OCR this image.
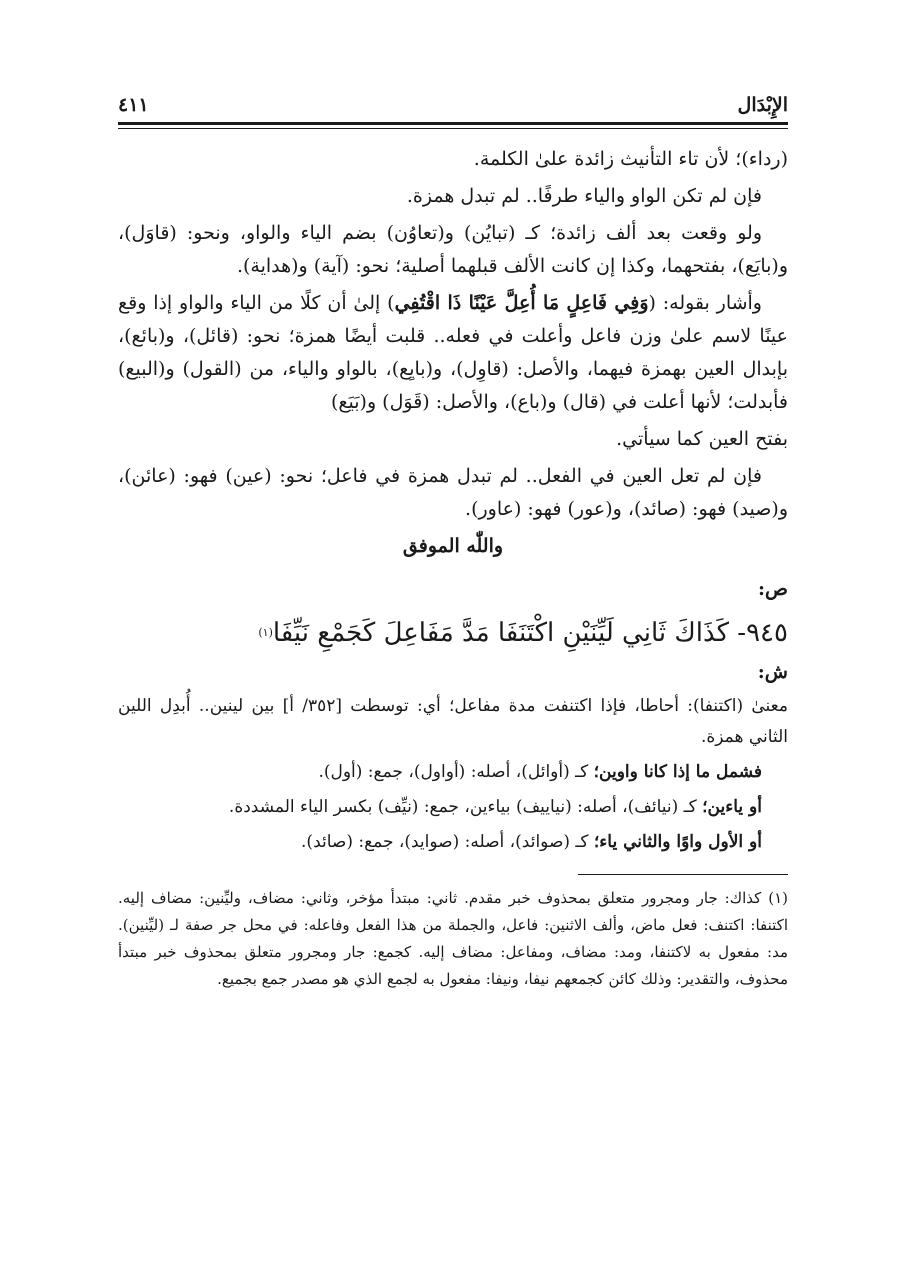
الإِبْدَال
٤١١

(رداء)؛ لأن تاء التأنيث زائدة علىٰ الكلمة.

فإن لم تكن الواو والياء طرفًا.. لم تبدل همزة.

ولو وقعت بعد ألف زائدة؛ كـ (تبايُن) و(تعاوُن) بضم الياء والواو، ونحو: (قاوَل)، و(بايَع)، بفتحهما، وكذا إن كانت الألف قبلهما أصلية؛ نحو: (آية) و(هداية).

وأشار بقوله: (وَفِي فَاعِلٍ مَا أُعِلَّ عَيْنًا ذَا اقْتُفِي) إلىٰ أن كلًا من الياء والواو إذا وقع عينًا لاسم علىٰ وزن فاعل وأعلت في فعله.. قلبت أيضًا همزة؛ نحو: (قائل)، و(بائع)، بإبدال العين بهمزة فيهما، والأصل: (قاوِل)، و(بايِع)، بالواو والياء، من (القول) و(البيع) فأبدلت؛ لأنها أعلت في (قال) و(باع)، والأصل: (قَوَل) و(بَيَع)

بفتح العين كما سيأتي.

فإن لم تعل العين في الفعل.. لم تبدل همزة في فاعل؛ نحو: (عين) فهو: (عائن)، و(صيد) فهو: (صائد)، و(عور) فهو: (عاور).

واللّٰه الموفق

ص:

٩٤٥- كَذَاكَ ثَانِي لَيِّنَيْنِ اكْتَنَفَا مَدَّ مَفَاعِلَ كَجَمْعِ نَيِّفَا$^{(١)}$

ش:

معنىٰ (اكتنفا): أحاطا، فإذا اكتنفت مدة مفاعل؛ أي: توسطت [٣٥٢/ أ] بين لينين.. أُبدِل اللين الثاني همزة.

فشمل ما إذا كانا واوين؛ كـ (أوائل)، أصله: (أواول)، جمع: (أول).

أو ياءين؛ كـ (نيائف)، أصله: (نياييف) بياءين، جمع: (نيِّف) بكسر الياء المشددة.

أو الأول واوًا والثاني ياء؛ كـ (صوائد)، أصله: (صوايد)، جمع: (صائد).

(١) كذاك: جار ومجرور متعلق بمحذوف خبر مقدم. ثاني: مبتدأ مؤخر، وثاني: مضاف، وليِّنين: مضاف إليه. اكتنفا: اكتنف: فعل ماض، وألف الاثنين: فاعل، والجملة من هذا الفعل وفاعله: في محل جر صفة لـ (ليِّنين). مد: مفعول به لاكتنفا، ومد: مضاف، ومفاعل: مضاف إليه. كجمع: جار ومجرور متعلق بمحذوف خبر مبتدأ محذوف، والتقدير: وذلك كائن كجمعهم نيفا، ونيفا: مفعول به لجمع الذي هو مصدر جمع بجميع.
